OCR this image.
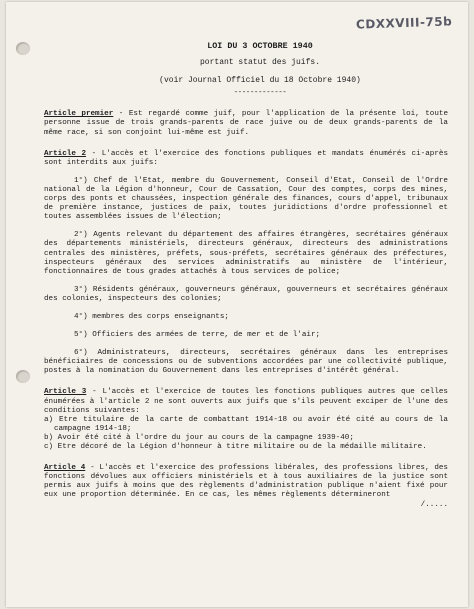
CDXXVIII-75b
LOI DU 3 OCTOBRE 1940
portant statut des juifs.
(voir Journal Officiel du 18 Octobre 1940)
-------------
Article premier - Est regardé comme juif, pour l'application de la présente loi, toute personne issue de trois grands-parents de race juive ou de deux grands-parents de la même race, si son conjoint lui-même est juif.
Article 2 - L'accès et l'exercice des fonctions publiques et mandats énumérés ci-après sont interdits aux juifs:
1°) Chef de l'Etat, membre du Gouvernement, Conseil d'Etat, Conseil de l'Ordre national de la Légion d'honneur, Cour de Cassation, Cour des comptes, corps des mines, corps des ponts et chaussées, inspection générale des finances, cours d'appel, tribunaux de première instance, justices de paix, toutes juridictions d'ordre professionnel et toutes assemblées issues de l'élection;
2°) Agents relevant du département des affaires étrangères, secrétaires généraux des départements ministériels, directeurs généraux, directeurs des administrations centrales des ministères, préfets, sous-préfets, secrétaires généraux des préfectures, inspecteurs généraux des services administratifs au ministère de l'intérieur, fonctionnaires de tous grades attachés à tous services de police;
3°) Résidents généraux, gouverneurs généraux, gouverneurs et secrétaires généraux des colonies, inspecteurs des colonies;
4°) membres des corps enseignants;
5°) Officiers des armées de terre, de mer et de l'air;
6°) Administrateurs, directeurs, secrétaires généraux dans les entreprises bénéficiaires de concessions ou de subventions accordées par une collectivité publique, postes à la nomination du Gouvernement dans les entreprises d'intérêt général.
Article 3 - L'accès et l'exercice de toutes les fonctions publiques autres que celles énumérées à l'article 2 ne sont ouverts aux juifs que s'ils peuvent exciper de l'une des conditions suivantes:
a) Etre titulaire de la carte de combattant 1914-18 ou avoir été cité au cours de la campagne 1914-18;
b) Avoir été cité à l'ordre du jour au cours de la campagne 1939-40;
c) Etre décoré de la Légion d'honneur à titre militaire ou de la médaille militaire.
Article 4 - L'accès et l'exercice des professions libérales, des professions libres, des fonctions dévolues aux officiers ministériels et à tous auxiliaires de la justice sont permis aux juifs à moins que des règlements d'administration publique n'aient fixé pour eux une proportion déterminée. En ce cas, les mêmes règlements détermineront
/.....
